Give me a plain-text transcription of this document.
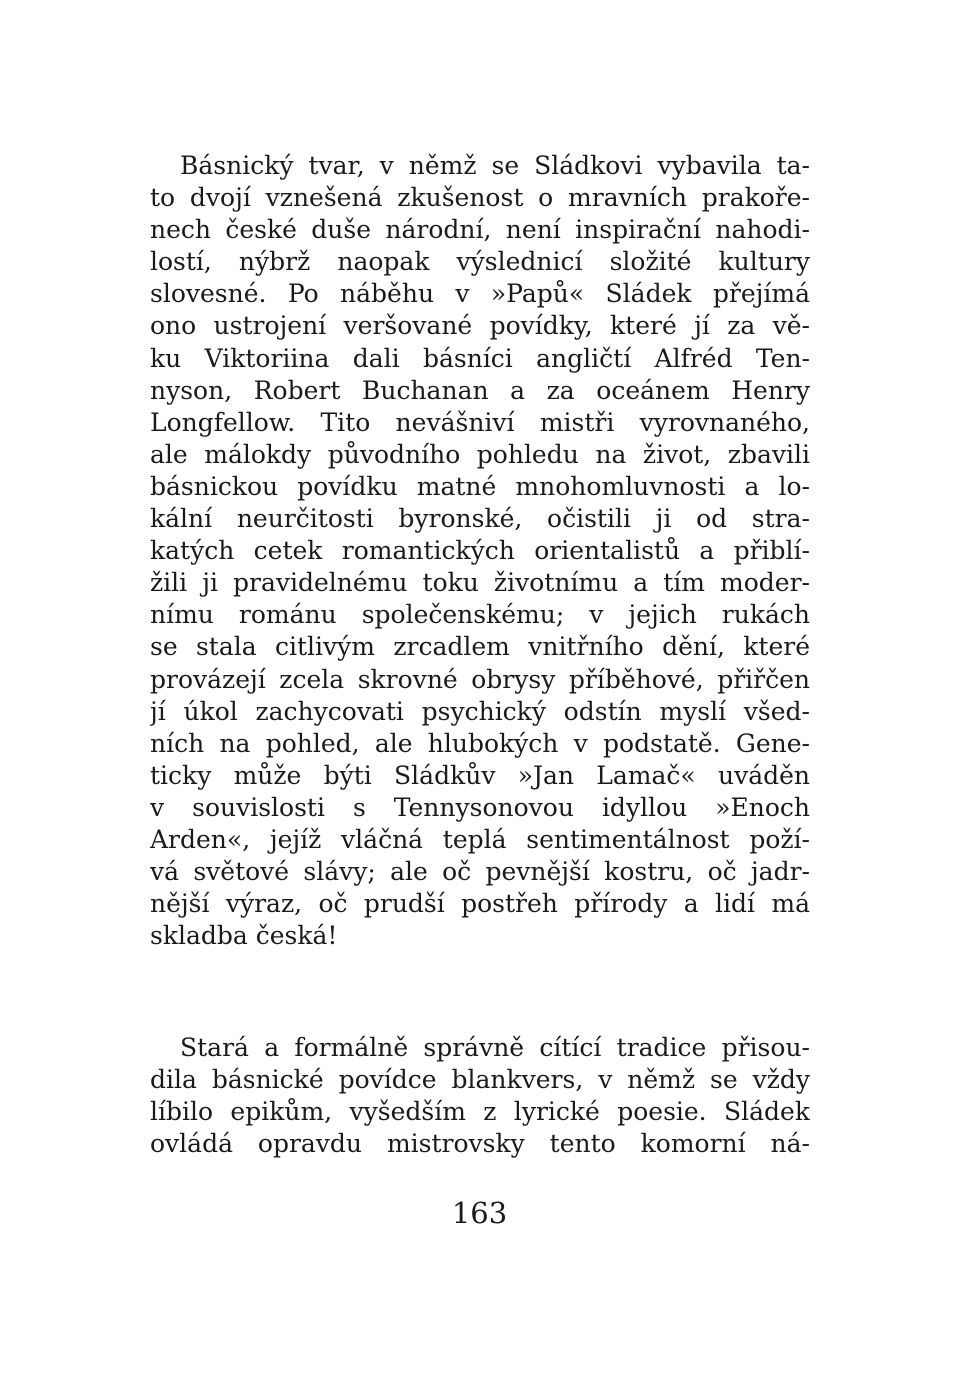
Básnický tvar, v němž se Sládkovi vybavila ta-
to dvojí vznešená zkušenost o mravních prakoře-
nech české duše národní, není inspirační nahodi-
lostí, nýbrž naopak výslednicí složité kultury
slovesné. Po náběhu v »Papů« Sládek přejímá
ono ustrojení veršované povídky, které jí za vě-
ku Viktoriina dali básníci angličtí Alfréd Ten-
nyson, Robert Buchanan a za oceánem Henry
Longfellow. Tito nevášniví mistři vyrovnaného,
ale málokdy původního pohledu na život, zbavili
básnickou povídku matné mnohomluvnosti a lo-
kální neurčitosti byronské, očistili ji od stra-
katých cetek romantických orientalistů a přiblí-
žili ji pravidelnému toku životnímu a tím moder-
nímu románu společenskému; v jejich rukách
se stala citlivým zrcadlem vnitřního dění, které
provázejí zcela skrovné obrysy příběhové, přiřčen
jí úkol zachycovati psychický odstín myslí všed-
ních na pohled, ale hlubokých v podstatě. Gene-
ticky může býti Sládkův »Jan Lamač« uváděn
v souvislosti s Tennysonovou idyllou »Enoch
Arden«, jejíž vláčná teplá sentimentálnost poží-
vá světové slávy; ale oč pevnější kostru, oč jadr-
nější výraz, oč prudší postřeh přírody a lidí má
skladba česká!
Stará a formálně správně cítící tradice přisou-
dila básnické povídce blankvers, v němž se vždy
líbilo epikům, vyšedším z lyrické poesie. Sládek
ovládá opravdu mistrovsky tento komorní ná-
163
